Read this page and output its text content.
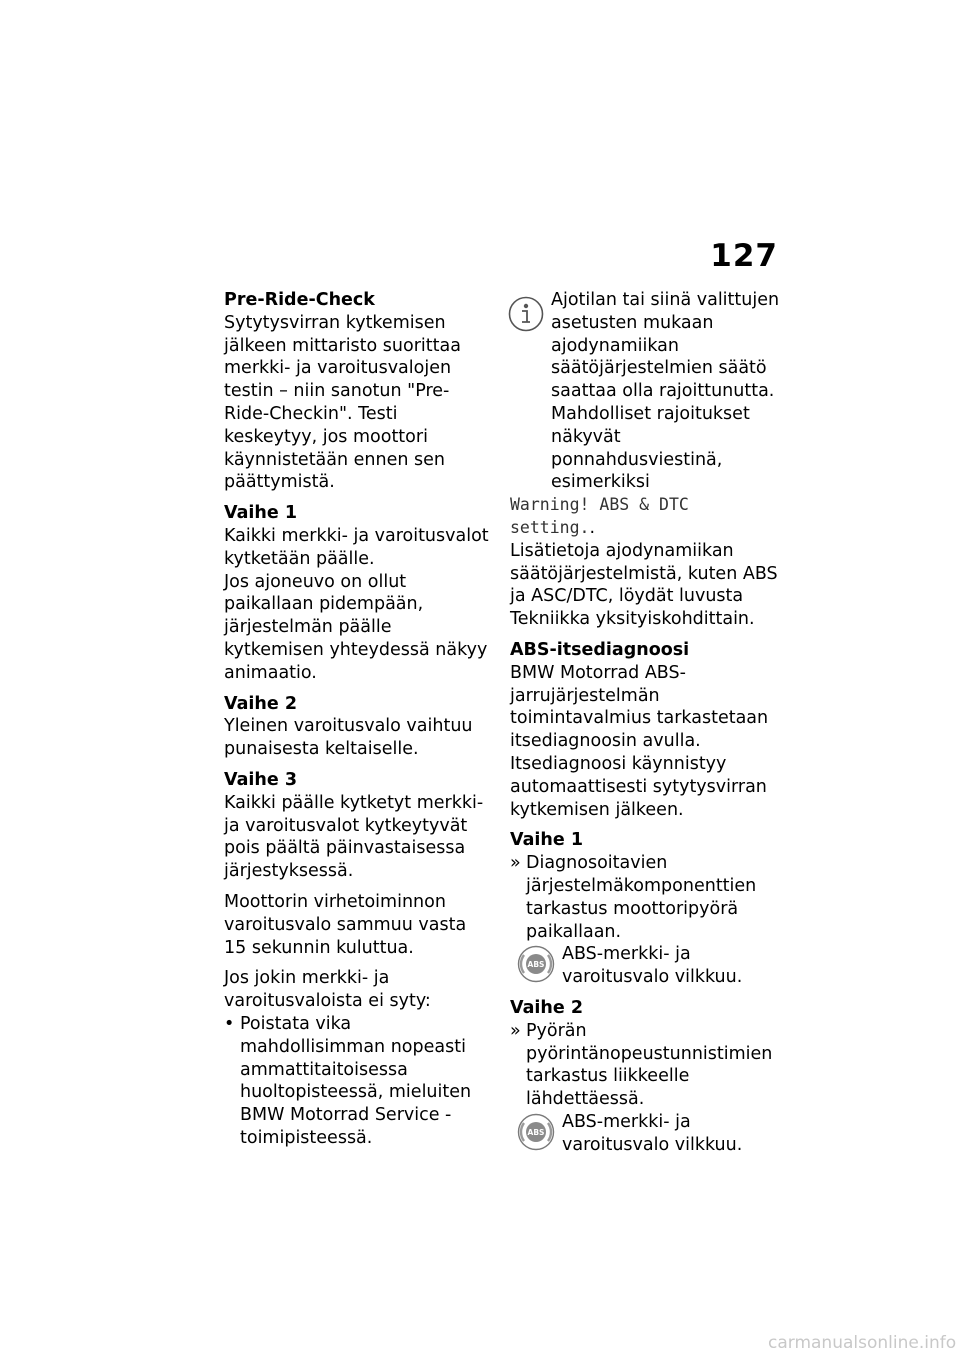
127

Pre-Ride-Check

Sytytysvirran kytkemisen jälkeen mittaristo suorittaa merkki- ja varoitusvalojen testin – niin sanotun "Pre-Ride-Checkin". Testi keskeytyy, jos moottori käynnistetään ennen sen päättymistä.

Vaihe 1

Kaikki merkki- ja varoitusvalot kytketään päälle.

Jos ajoneuvo on ollut paikallaan pidempään, järjestelmän päälle kytkemisen yhteydessä näkyy animaatio.

Vaihe 2

Yleinen varoitusvalo vaihtuu punaisesta keltaiselle.

Vaihe 3

Kaikki päälle kytketyt merkki- ja varoitusvalot kytkeytyvät pois päältä päinvastaisessa järjestyksessä.

Moottorin virhetoiminnon varoitusvalo sammuu vasta 15 sekunnin kuluttua.

Jos jokin merkki- ja varoitusvaloista ei syty:

• Poistata vika mahdollisimman nopeasti ammattitaitoisessa huoltopisteessä, mieluiten BMW Motorrad Service -toimipisteessä.
Ajotilan tai siinä valittujen asetusten mukaan ajodynamiikan säätöjärjestelmien säätö saattaa olla rajoittunutta. Mahdolliset rajoitukset näkyvät ponnahdusviestinä, esimerkiksi

Warning! ABS & DTC setting..

Lisätietoja ajodynamiikan säätöjärjestelmistä, kuten ABS ja ASC/DTC, löydät luvusta Tekniikka yksityiskohdittain.

ABS-itsediagnoosi

BMW Motorrad ABS-jarrujärjestelmän toimintavalmius tarkastetaan itsediagnoosin avulla.

Itsediagnoosi käynnistyy automaattisesti sytytysvirran kytkemisen jälkeen.

Vaihe 1

» Diagnosoitavien järjestelmäkomponenttien tarkastus moottoripyörä paikallaan.
ABS
ABS-merkki- ja varoitusvalo vilkkuu.

Vaihe 2

» Pyörän pyörintänopeustunnistimien tarkastus liikkeelle lähdettäessä.
ABS
ABS-merkki- ja varoitusvalo vilkkuu.
carmanualsonline.info
